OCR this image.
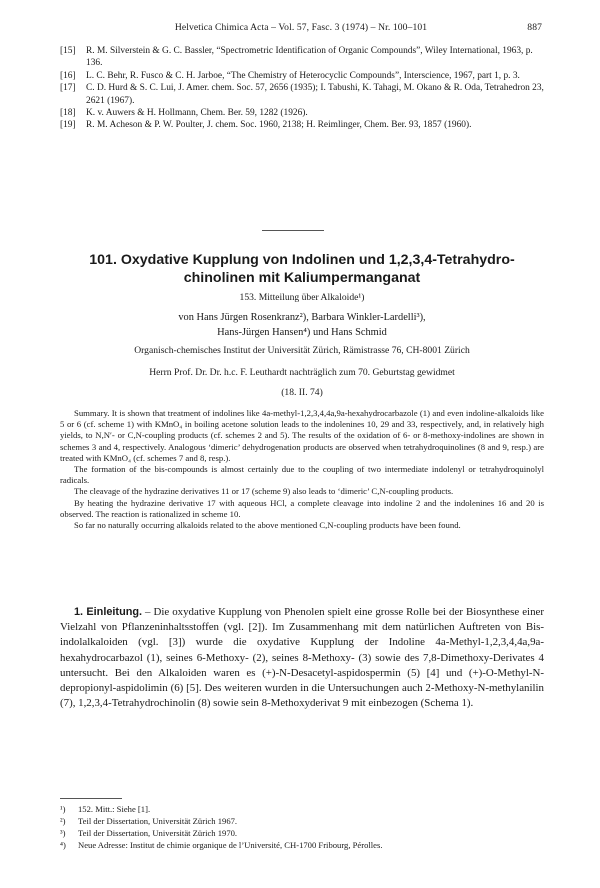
Helvetica Chimica Acta – Vol. 57, Fasc. 3 (1974) – Nr. 100–101	887
[15] R. M. Silverstein & G. C. Bassler, “Spectrometric Identification of Organic Compounds”, Wiley International, 1963, p. 136.
[16] L. C. Behr, R. Fusco & C. H. Jarboe, “The Chemistry of Heterocyclic Compounds”, Interscience, 1967, part 1, p. 3.
[17] C. D. Hurd & S. C. Lui, J. Amer. chem. Soc. 57, 2656 (1935); I. Tabushi, K. Tahagi, M. Okano & R. Oda, Tetrahedron 23, 2621 (1967).
[18] K. v. Auwers & H. Hollmann, Chem. Ber. 59, 1282 (1926).
[19] R. M. Acheson & P. W. Poulter, J. chem. Soc. 1960, 2138; H. Reimlinger, Chem. Ber. 93, 1857 (1960).
101. Oxydative Kupplung von Indolinen und 1,2,3,4-Tetrahydro-
chinolinen mit Kaliumpermanganat
153. Mitteilung über Alkaloide¹)
von Hans Jürgen Rosenkranz²), Barbara Winkler-Lardelli³),
Hans-Jürgen Hansen⁴) und Hans Schmid
Organisch-chemisches Institut der Universität Zürich, Rämistrasse 76, CH-8001 Zürich
Herrn Prof. Dr. Dr. h.c. F. Leuthardt nachträglich zum 70. Geburtstag gewidmet
(18. II. 74)

Summary. It is shown that treatment of indolines like 4a-methyl-1,2,3,4,4a,9a-hexahydrocarbazole (1) and even indoline-alkaloids like 5 or 6 (cf. scheme 1) with KMnO₄ in boiling acetone solution leads to the indolenines 10, 29 and 33, respectively, and, in relatively high yields, to N,N′- or C,N-coupling products (cf. schemes 2 and 5). The results of the oxidation of 6- or 8-methoxy-indolines are shown in schemes 3 and 4, respectively. Analogous ‘dimeric’ dehydrogenation products are observed when tetrahydroquinolines (8 and 9, resp.) are treated with KMnO₄ (cf. schemes 7 and 8, resp.).

The formation of the bis-compounds is almost certainly due to the coupling of two intermediate indolenyl or tetrahydroquinolyl radicals.

The cleavage of the hydrazine derivatives 11 or 17 (scheme 9) also leads to ‘dimeric’ C,N-coupling products.

By heating the hydrazine derivative 17 with aqueous HCl, a complete cleavage into indoline 2 and the indolenines 16 and 20 is observed. The reaction is rationalized in scheme 10.

So far no naturally occurring alkaloids related to the above mentioned C,N-coupling products have been found.

1. Einleitung. – Die oxydative Kupplung von Phenolen spielt eine grosse Rolle bei der Biosynthese einer Vielzahl von Pflanzeninhaltsstoffen (vgl. [2]). Im Zusammenhang mit dem natürlichen Auftreten von Bis-indolalkaloiden (vgl. [3]) wurde die oxydative Kupplung der Indoline 4a-Methyl-1,2,3,4,4a,9a-hexahydrocarbazol (1), seines 6-Methoxy- (2), seines 8-Methoxy- (3) sowie des 7,8-Dimethoxy-Derivates 4 untersucht. Bei den Alkaloiden waren es (+)-N-Desacetyl-aspidospermin (5) [4] und (+)-O-Methyl-N-depropionyl-aspidolimin (6) [5]. Des weiteren wurden in die Untersuchungen auch 2-Methoxy-N-methylanilin (7), 1,2,3,4-Tetrahydrochinolin (8) sowie sein 8-Methoxyderivat 9 mit einbezogen (Schema 1).

¹) 152. Mitt.: Siehe [1].
²) Teil der Dissertation, Universität Zürich 1967.
³) Teil der Dissertation, Universität Zürich 1970.
⁴) Neue Adresse: Institut de chimie organique de l’Université, CH-1700 Fribourg, Pérolles.
